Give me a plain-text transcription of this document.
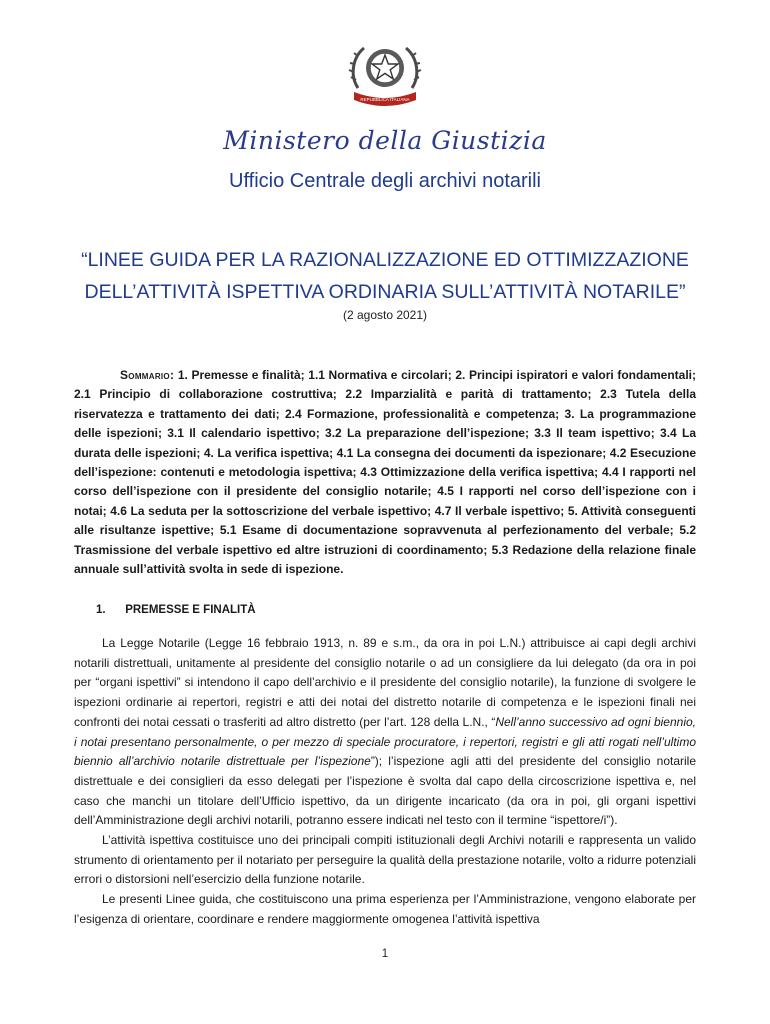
REPUBBLICA ITALIANA
Ministero della Giustizia
Ufficio Centrale degli archivi notarili
“LINEE GUIDA PER LA RAZIONALIZZAZIONE ED OTTIMIZZAZIONE
DELL’ATTIVITÀ ISPETTIVA ORDINARIA SULL’ATTIVITÀ NOTARILE”
(2 agosto 2021)
Sommario: 1. Premesse e finalità; 1.1 Normativa e circolari; 2. Principi ispiratori e valori fondamentali; 2.1 Principio di collaborazione costruttiva; 2.2 Imparzialità e parità di trattamento; 2.3 Tutela della riservatezza e trattamento dei dati; 2.4 Formazione, professionalità e competenza; 3. La programmazione delle ispezioni; 3.1 Il calendario ispettivo; 3.2 La preparazione dell’ispezione; 3.3 Il team ispettivo; 3.4 La durata delle ispezioni; 4. La verifica ispettiva; 4.1 La consegna dei documenti da ispezionare; 4.2 Esecuzione dell’ispezione: contenuti e metodologia ispettiva; 4.3 Ottimizzazione della verifica ispettiva; 4.4 I rapporti nel corso dell’ispezione con il presidente del consiglio notarile; 4.5 I rapporti nel corso dell’ispezione con i notai; 4.6 La seduta per la sottoscrizione del verbale ispettivo; 4.7 Il verbale ispettivo; 5. Attività conseguenti alle risultanze ispettive; 5.1 Esame di documentazione sopravvenuta al perfezionamento del verbale; 5.2 Trasmissione del verbale ispettivo ed altre istruzioni di coordinamento; 5.3 Redazione della relazione finale annuale sull’attività svolta in sede di ispezione.
1. PREMESSE E FINALITÀ

La Legge Notarile (Legge 16 febbraio 1913, n. 89 e s.m., da ora in poi L.N.) attribuisce ai capi degli archivi notarili distrettuali, unitamente al presidente del consiglio notarile o ad un consigliere da lui delegato (da ora in poi per “organi ispettivi” si intendono il capo dell’archivio e il presidente del consiglio notarile), la funzione di svolgere le ispezioni ordinarie ai repertori, registri e atti dei notai del distretto notarile di competenza e le ispezioni finali nei confronti dei notai cessati o trasferiti ad altro distretto (per l’art. 128 della L.N., “Nell’anno successivo ad ogni biennio, i notai presentano personalmente, o per mezzo di speciale procuratore, i repertori, registri e gli atti rogati nell’ultimo biennio all’archivio notarile distrettuale per l’ispezione”); l’ispezione agli atti del presidente del consiglio notarile distrettuale e dei consiglieri da esso delegati per l’ispezione è svolta dal capo della circoscrizione ispettiva e, nel caso che manchi un titolare dell’Ufficio ispettivo, da un dirigente incaricato (da ora in poi, gli organi ispettivi dell’Amministrazione degli archivi notarili, potranno essere indicati nel testo con il termine “ispettore/i”).

L’attività ispettiva costituisce uno dei principali compiti istituzionali degli Archivi notarili e rappresenta un valido strumento di orientamento per il notariato per perseguire la qualità della prestazione notarile, volto a ridurre potenziali errori o distorsioni nell’esercizio della funzione notarile.

Le presenti Linee guida, che costituiscono una prima esperienza per l’Amministrazione, vengono elaborate per l’esigenza di orientare, coordinare e rendere maggiormente omogenea l’attività ispettiva

1
